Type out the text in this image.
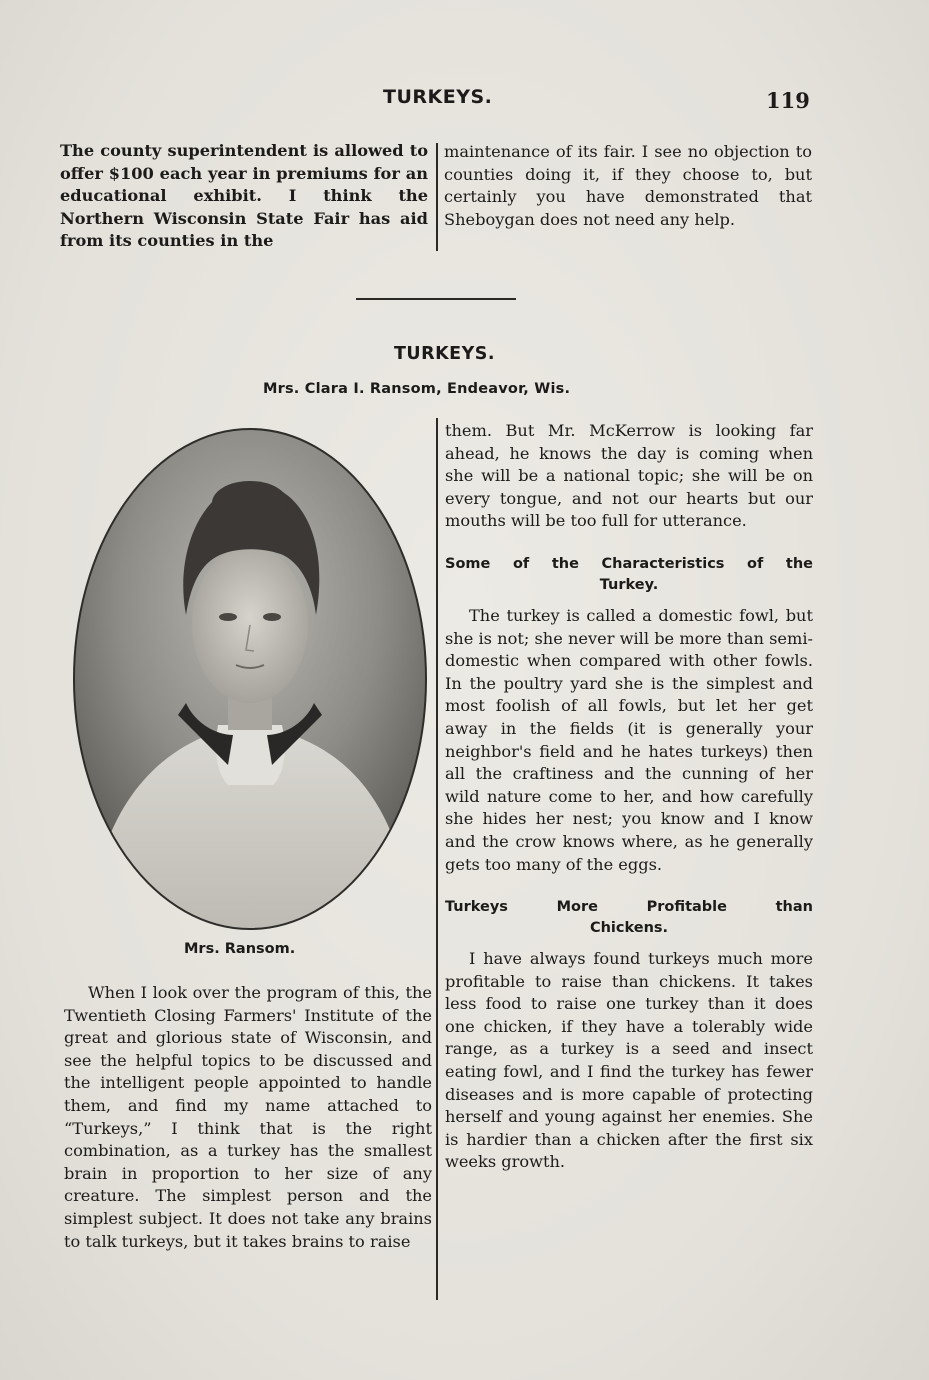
TURKEYS.	119

The county superintendent is allowed to offer $100 each year in premiums for an educational exhibit. I think the Northern Wisconsin State Fair has aid from its counties in the

maintenance of its fair. I see no objection to counties doing it, if they choose to, but certainly you have demonstrated that Sheboygan does not need any help.

TURKEYS.
Mrs. Clara I. Ransom, Endeavor, Wis.
Mrs. Ransom.

When I look over the program of this, the Twentieth Closing Farmers' Institute of the great and glorious state of Wisconsin, and see the helpful topics to be discussed and the intelligent people appointed to handle them, and find my name attached to “Turkeys,” I think that is the right combination, as a turkey has the smallest brain in proportion to her size of any creature. The simplest person and the simplest subject. It does not take any brains to talk turkeys, but it takes brains to raise

them. But Mr. McKerrow is looking far ahead, he knows the day is coming when she will be a national topic; she will be on every tongue, and not our hearts but our mouths will be too full for utterance.

Some of the Characteristics of the
Turkey.

The turkey is called a domestic fowl, but she is not; she never will be more than semi-domestic when compared with other fowls. In the poultry yard she is the simplest and most foolish of all fowls, but let her get away in the fields (it is generally your neighbor's field and he hates turkeys) then all the craftiness and the cunning of her wild nature come to her, and how carefully she hides her nest; you know and I know and the crow knows where, as he generally gets too many of the eggs.

Turkeys More Profitable than
Chickens.

I have always found turkeys much more profitable to raise than chickens. It takes less food to raise one turkey than it does one chicken, if they have a tolerably wide range, as a turkey is a seed and insect eating fowl, and I find the turkey has fewer diseases and is more capable of protecting herself and young against her enemies. She is hardier than a chicken after the first six weeks growth.
